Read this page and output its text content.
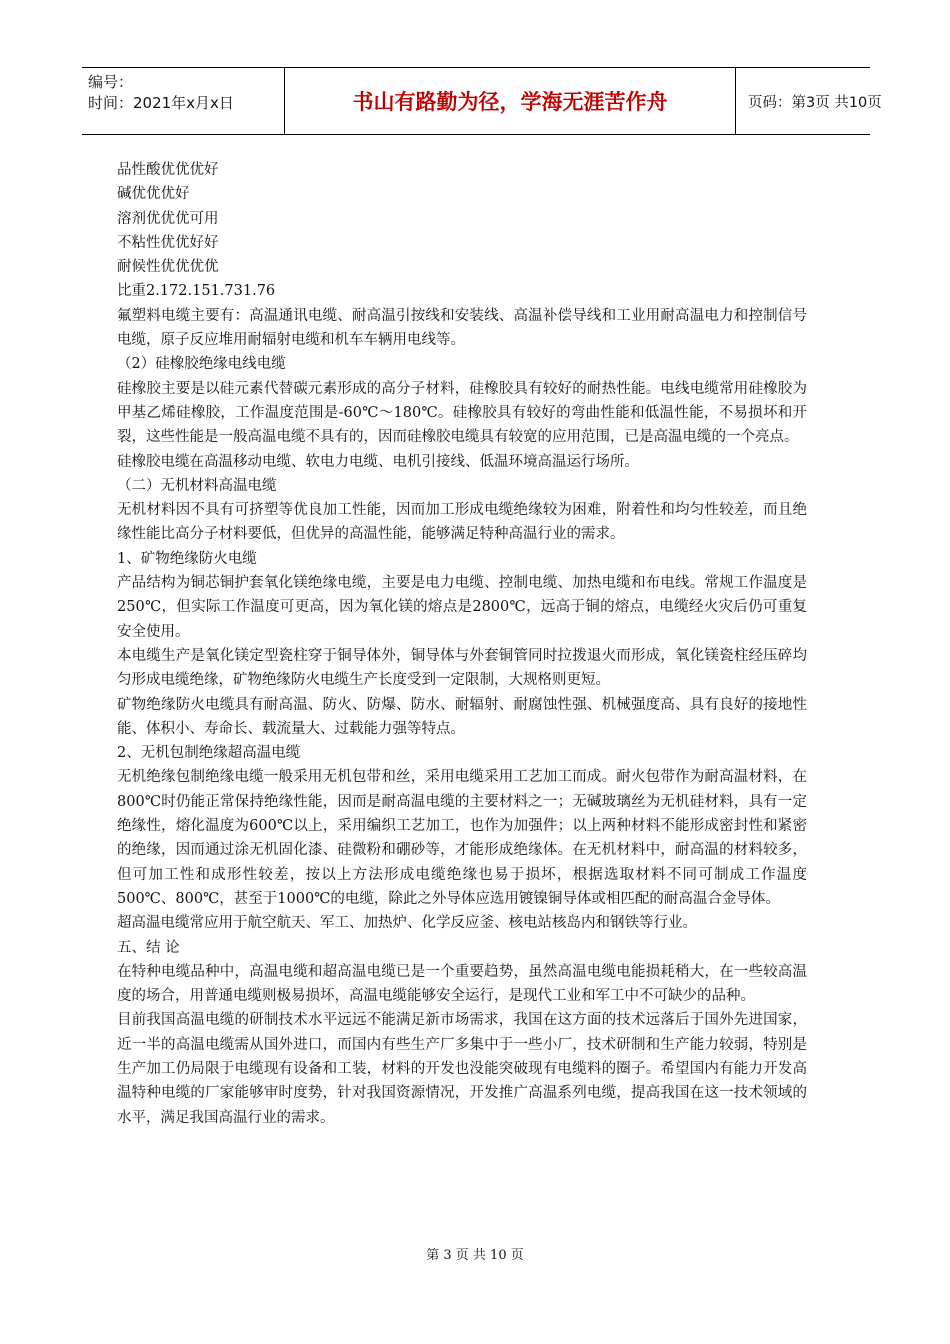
编号：
时间：2021年x月x日	书山有路勤为径，学海无涯苦作舟	页码：第3页 共10页

品性酸优优优好

碱优优优好

溶剂优优优可用

不粘性优优好好

耐候性优优优优

比重2.172.151.731.76

氟塑料电缆主要有：高温通讯电缆、耐高温引按线和安装线、高温补偿导线和工业用耐高温电力和控制信号电缆，原子反应堆用耐辐射电缆和机车车辆用电线等。

（2）硅橡胶绝缘电线电缆

硅橡胶主要是以硅元素代替碳元素形成的高分子材料，硅橡胶具有较好的耐热性能。电线电缆常用硅橡胶为甲基乙烯硅橡胶，工作温度范围是-60℃～180℃。硅橡胶具有较好的弯曲性能和低温性能，不易损坏和开裂，这些性能是一般高温电缆不具有的，因而硅橡胶电缆具有较宽的应用范围，已是高温电缆的一个亮点。

硅橡胶电缆在高温移动电缆、软电力电缆、电机引接线、低温环境高温运行场所。

（二）无机材料高温电缆

无机材料因不具有可挤塑等优良加工性能，因而加工形成电缆绝缘较为困难，附着性和均匀性较差，而且绝缘性能比高分子材料要低，但优异的高温性能，能够满足特种高温行业的需求。

1、矿物绝缘防火电缆

产品结构为铜芯铜护套氧化镁绝缘电缆，主要是电力电缆、控制电缆、加热电缆和布电线。常规工作温度是250℃，但实际工作温度可更高，因为氧化镁的熔点是2800℃，远高于铜的熔点，电缆经火灾后仍可重复安全使用。

本电缆生产是氧化镁定型瓷柱穿于铜导体外，铜导体与外套铜管同时拉拨退火而形成，氧化镁瓷柱经压碎均匀形成电缆绝缘，矿物绝缘防火电缆生产长度受到一定限制，大规格则更短。

矿物绝缘防火电缆具有耐高温、防火、防爆、防水、耐辐射、耐腐蚀性强、机械强度高、具有良好的接地性能、体积小、寿命长、载流量大、过载能力强等特点。

2、无机包制绝缘超高温电缆

无机绝缘包制绝缘电缆一般采用无机包带和丝，采用电缆采用工艺加工而成。耐火包带作为耐高温材料，在800℃时仍能正常保持绝缘性能，因而是耐高温电缆的主要材料之一；无碱玻璃丝为无机硅材料，具有一定绝缘性，熔化温度为600℃以上，采用编织工艺加工，也作为加强件；以上两种材料不能形成密封性和紧密的绝缘，因而通过涂无机固化漆、硅微粉和硼砂等，才能形成绝缘体。在无机材料中，耐高温的材料较多，但可加工性和成形性较差，按以上方法形成电缆绝缘也易于损坏，根据选取材料不同可制成工作温度500℃、800℃，甚至于1000℃的电缆，除此之外导体应选用镀镍铜导体或相匹配的耐高温合金导体。

超高温电缆常应用于航空航天、军工、加热炉、化学反应釜、核电站核岛内和钢铁等行业。

五、结 论

在特种电缆品种中，高温电缆和超高温电缆已是一个重要趋势，虽然高温电缆电能损耗稍大，在一些较高温度的场合，用普通电缆则极易损坏，高温电缆能够安全运行，是现代工业和军工中不可缺少的品种。

目前我国高温电缆的研制技术水平远远不能满足新市场需求，我国在这方面的技术远落后于国外先进国家，近一半的高温电缆需从国外进口，而国内有些生产厂多集中于一些小厂，技术研制和生产能力较弱，特别是生产加工仍局限于电缆现有设备和工装，材料的开发也没能突破现有电缆料的圈子。希望国内有能力开发高温特种电缆的厂家能够审时度势，针对我国资源情况，开发推广高温系列电缆，提高我国在这一技术领域的水平，满足我国高温行业的需求。

第 3 页 共 10 页
